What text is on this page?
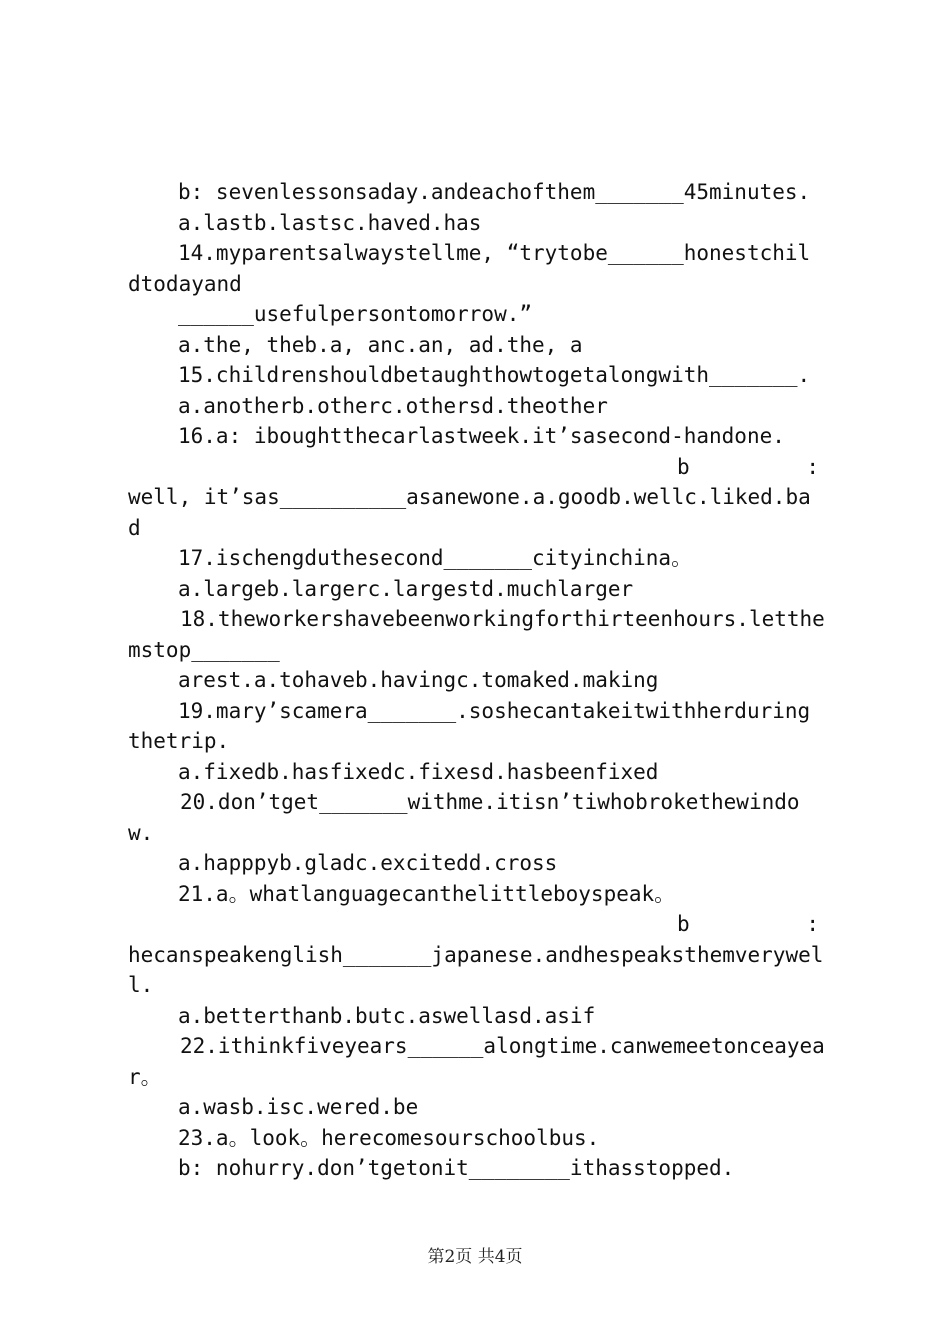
b: sevenlessonsaday.andeachofthem_______45minutes.
a.lastb.lastsc.haved.has
14.myparentsalwaystellme, “trytobe______honestchil
dtodayand
______usefulpersontomorrow.”
a.the, theb.a, anc.an, ad.the, a
15.childrenshouldbetaughthowtogetalongwith_______.
a.anotherb.otherc.othersd.theother
16.a: iboughtthecarlastweek.it’sasecond-handone.
b	:
well, it’sas__________asanewone.a.goodb.wellc.liked.ba
d
17.ischengduthesecond_______cityinchina。
a.largeb.largerc.largestd.muchlarger
18.theworkershavebeenworkingforthirteenhours.letthe
mstop_______
arest.a.tohaveb.havingc.tomaked.making
19.mary’scamera_______.soshecantakeitwithherduring
thetrip.
a.fixedb.hasfixedc.fixesd.hasbeenfixed
20.don’tget_______withme.itisn’tiwhobrokethewindo
w.
a.happpyb.gladc.excitedd.cross
21.a。whatlanguagecanthelittleboyspeak。
b	:
hecanspeakenglish_______japanese.andhespeaksthemverywel
l.
a.betterthanb.butc.aswellasd.asif
22.ithinkfiveyears______alongtime.canwemeetonceayea
r。
a.wasb.isc.wered.be
23.a。look。herecomesourschoolbus.
b: nohurry.don’tgetonit________ithasstopped.
第2页 共4页
